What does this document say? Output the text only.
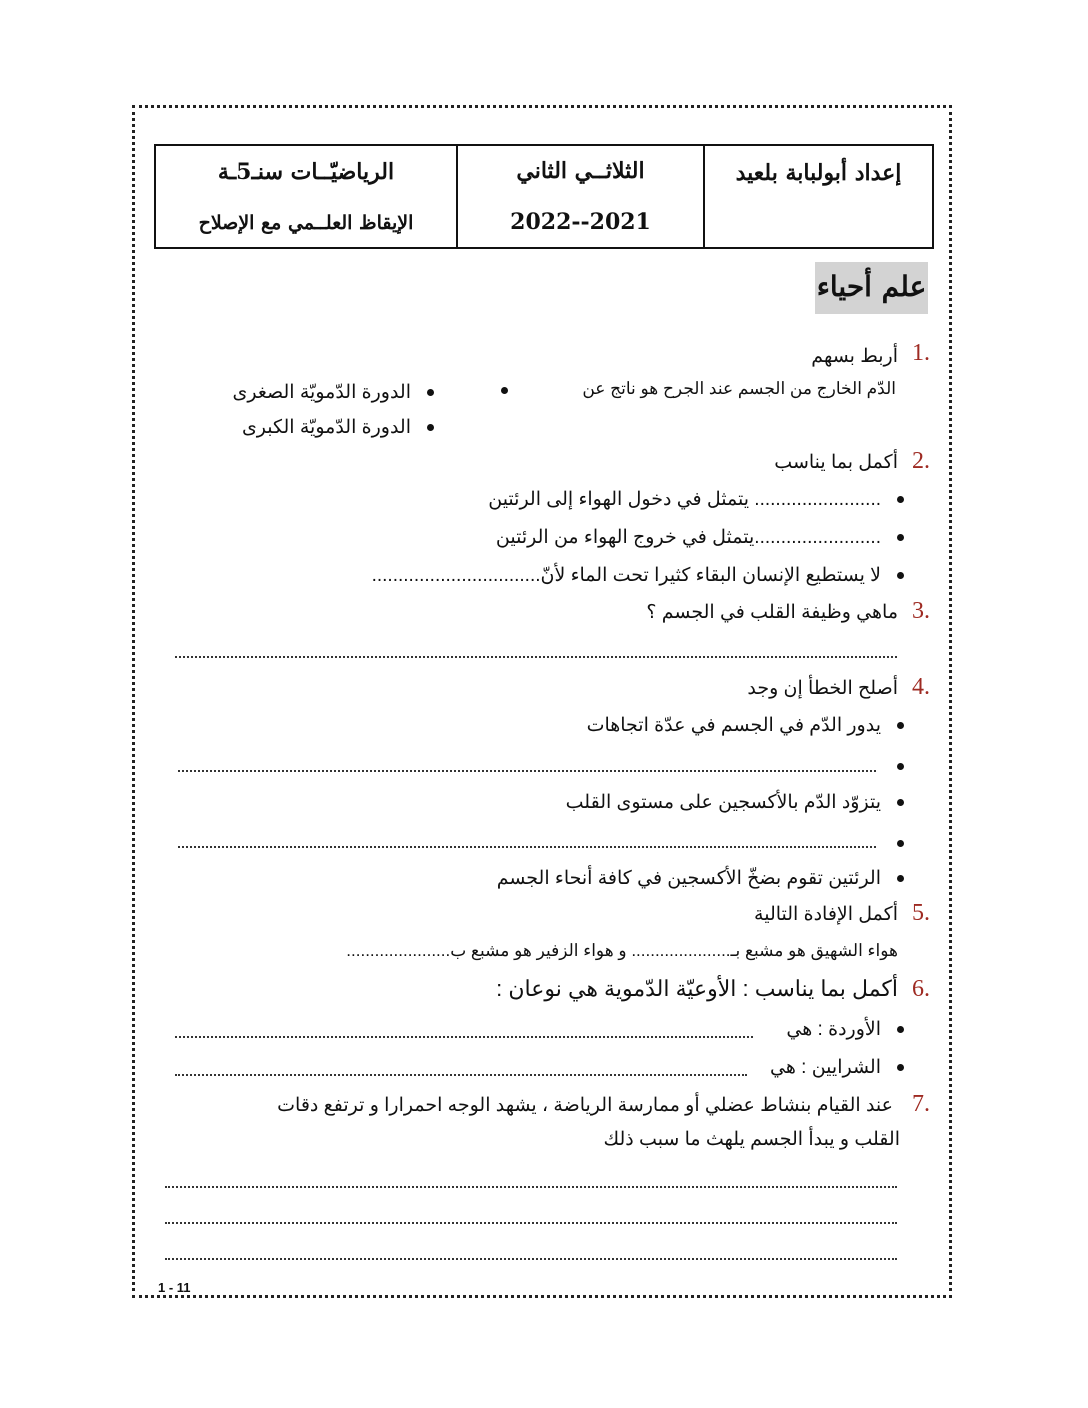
الرياضيّــات سنـ5ـة
الإيقاظ العلــمي مع الإصلاح
الثلاثــي الثاني
2022--2021
إعداد أبولبابة بلعيد
علم أحياء
1.
أربط بسهم
الدّم الخارج من الجسم عند الجرح هو ناتج عن
الدورة الدّمويّة الصغرى
الدورة الدّمويّة الكبرى
2.
أكمل بما يناسب
........................ يتمثل في دخول الهواء إلى الرئتين
........................يتمثل في خروج الهواء من الرئتين
لا يستطيع الإنسان البقاء كثيرا تحت الماء لأنّ................................
3.
ماهي وظيفة القلب في الجسم ؟
4.
أصلح الخطأ إن وجد
يدور الدّم في الجسم في عدّة اتجاهات
يتزوّد الدّم بالأكسجين على مستوى القلب
الرئتين تقوم بضخّ الأكسجين في كافة أنحاء الجسم
5.
أكمل الإفادة التالية
هواء الشهيق هو مشبع بـ..................... و هواء الزفير هو مشبع ب......................
6.
أكمل بما يناسب : الأوعيّة الدّموية هي نوعان :
الأوردة : هي
الشرايين : هي
7.
عند القيام بنشاط عضلي أو ممارسة الرياضة ، يشهد الوجه احمرارا و ترتفع دقات
القلب و يبدأ الجسم يلهث ما سبب ذلك
1 - 11
